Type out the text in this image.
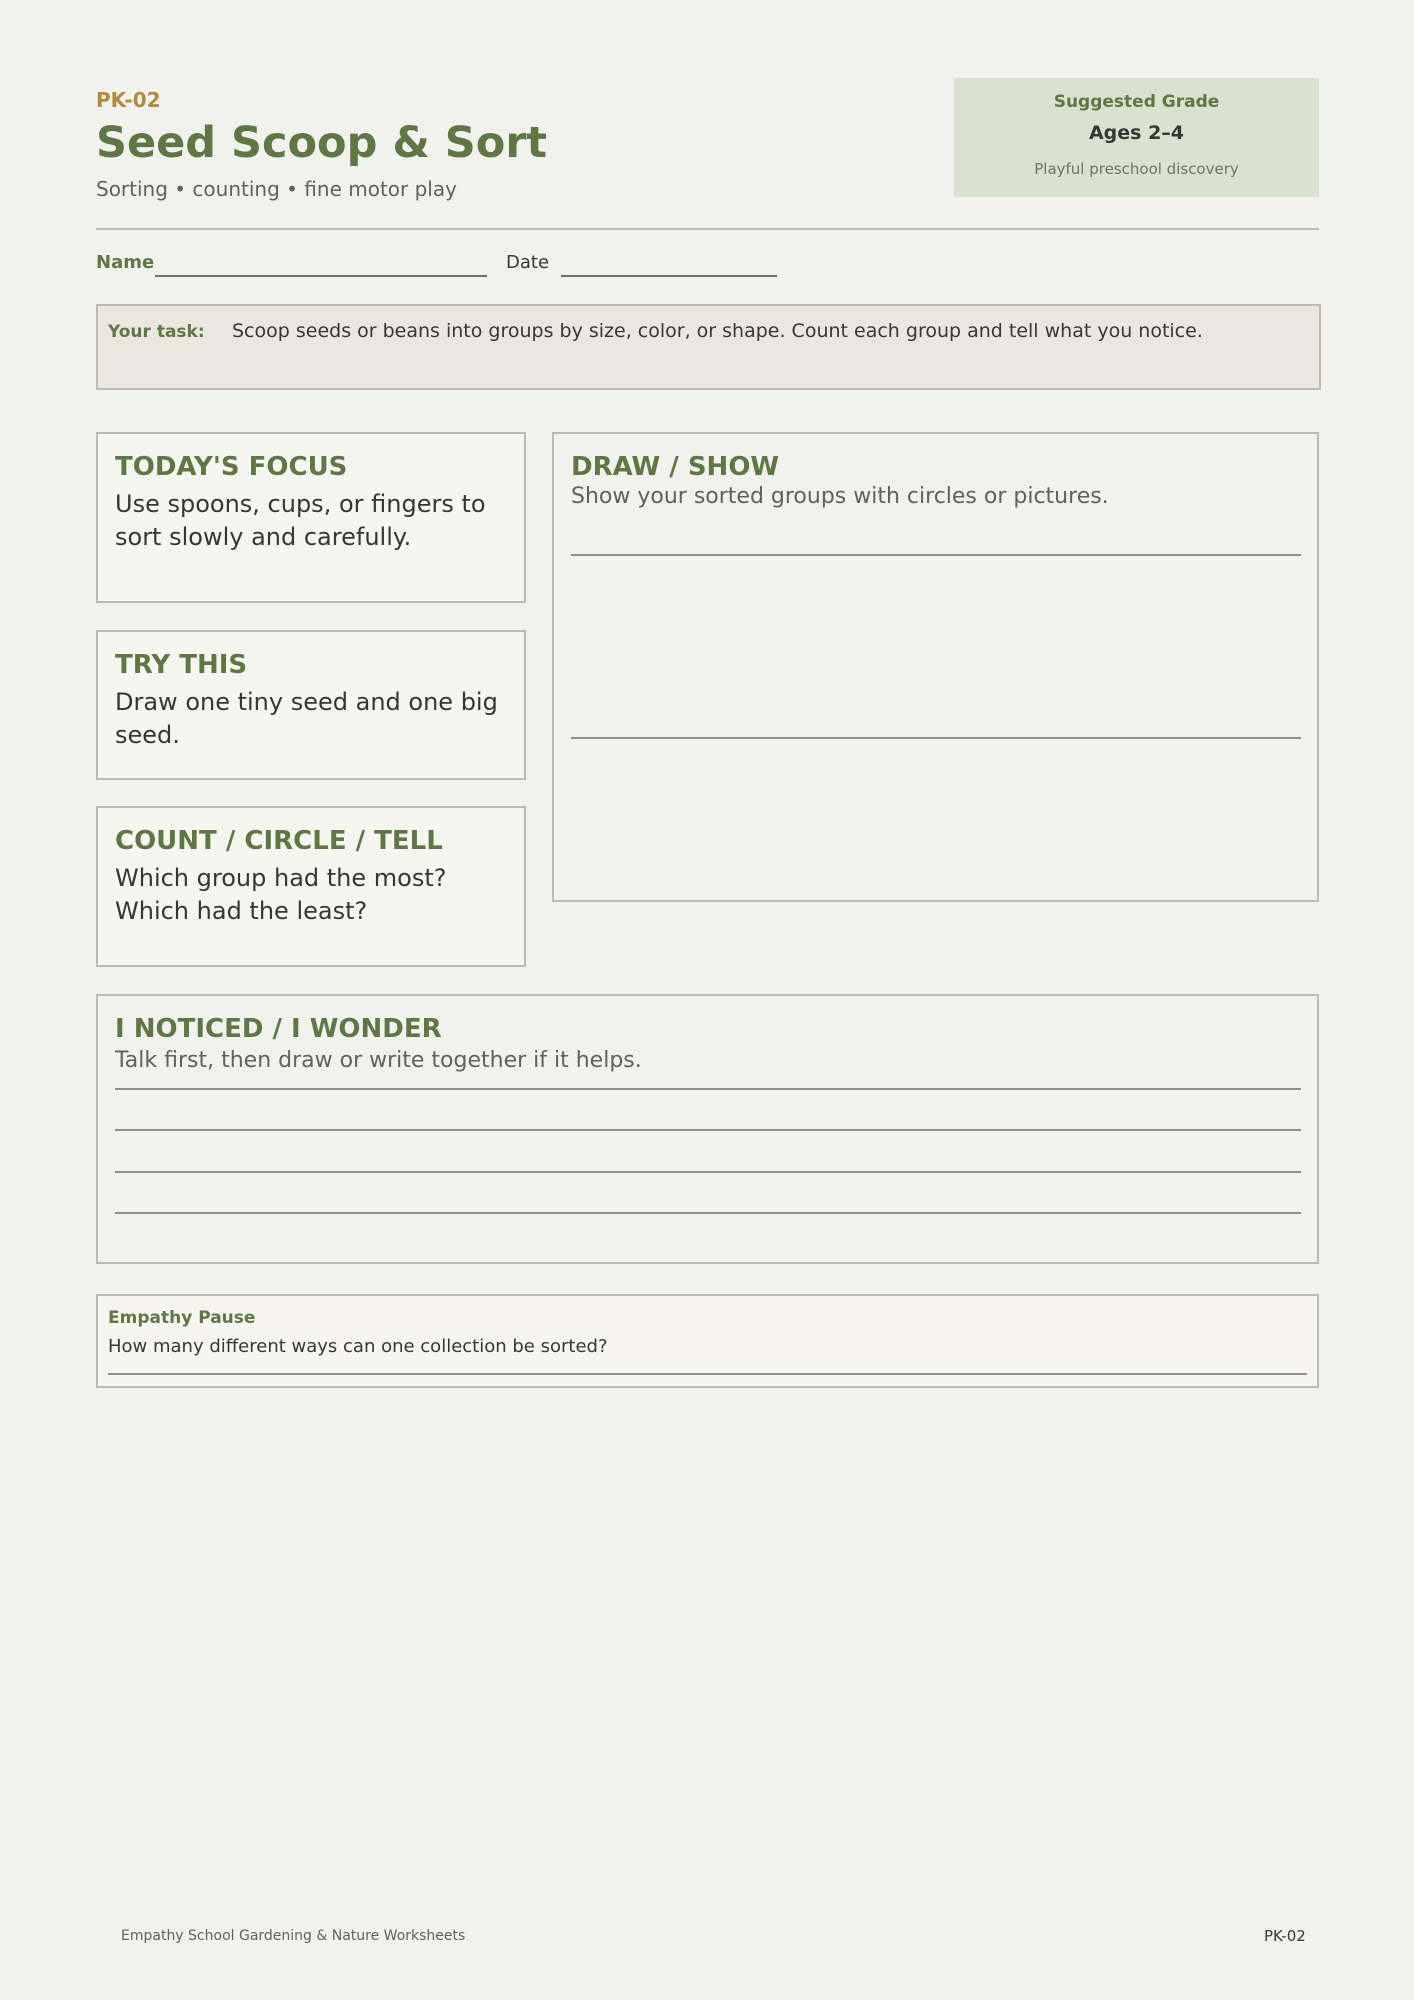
PK-02
Seed Scoop & Sort
Sorting • counting • fine motor play
Suggested Grade
Ages 2–4
Playful preschool discovery
Name	Date
Your task: Scoop seeds or beans into groups by size, color, or shape. Count each group and tell what you notice.
TODAY'S FOCUS
Use spoons, cups, or fingers to sort slowly and carefully.
TRY THIS
Draw one tiny seed and one big seed.
COUNT / CIRCLE / TELL
Which group had the most? Which had the least?
DRAW / SHOW
Show your sorted groups with circles or pictures.
I NOTICED / I WONDER
Talk first, then draw or write together if it helps.
Empathy Pause
How many different ways can one collection be sorted?
Empathy School Gardening & Nature Worksheets	PK-02
